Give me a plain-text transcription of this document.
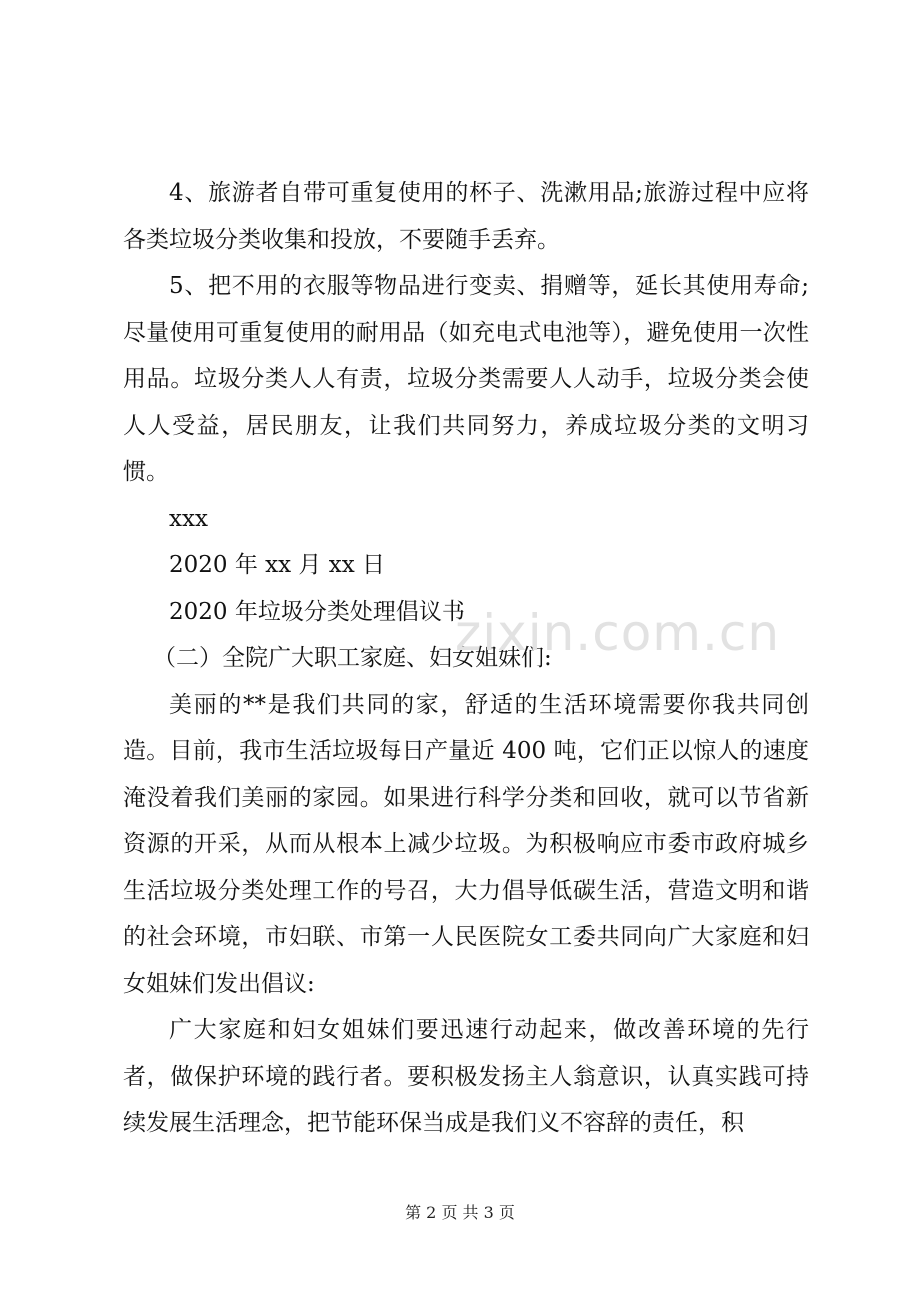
4、旅游者自带可重复使用的杯子、洗漱用品;旅游过程中应将各类垃圾分类收集和投放，不要随手丢弃。

5、把不用的衣服等物品进行变卖、捐赠等，延长其使用寿命;尽量使用可重复使用的耐用品（如充电式电池等），避免使用一次性用品。垃圾分类人人有责，垃圾分类需要人人动手，垃圾分类会使人人受益，居民朋友，让我们共同努力，养成垃圾分类的文明习惯。

xxx

2020 年 xx 月 xx 日

2020 年垃圾分类处理倡议书

（二）全院广大职工家庭、妇女姐妹们:

美丽的**是我们共同的家，舒适的生活环境需要你我共同创造。目前，我市生活垃圾每日产量近 400 吨，它们正以惊人的速度淹没着我们美丽的家园。如果进行科学分类和回收，就可以节省新资源的开采，从而从根本上减少垃圾。为积极响应市委市政府城乡生活垃圾分类处理工作的号召，大力倡导低碳生活，营造文明和谐的社会环境，市妇联、市第一人民医院女工委共同向广大家庭和妇女姐妹们发出倡议:

广大家庭和妇女姐妹们要迅速行动起来，做改善环境的先行者，做保护环境的践行者。要积极发扬主人翁意识，认真实践可持续发展生活理念，把节能环保当成是我们义不容辞的责任，积

zixin.com.cn
第 2 页 共 3 页
